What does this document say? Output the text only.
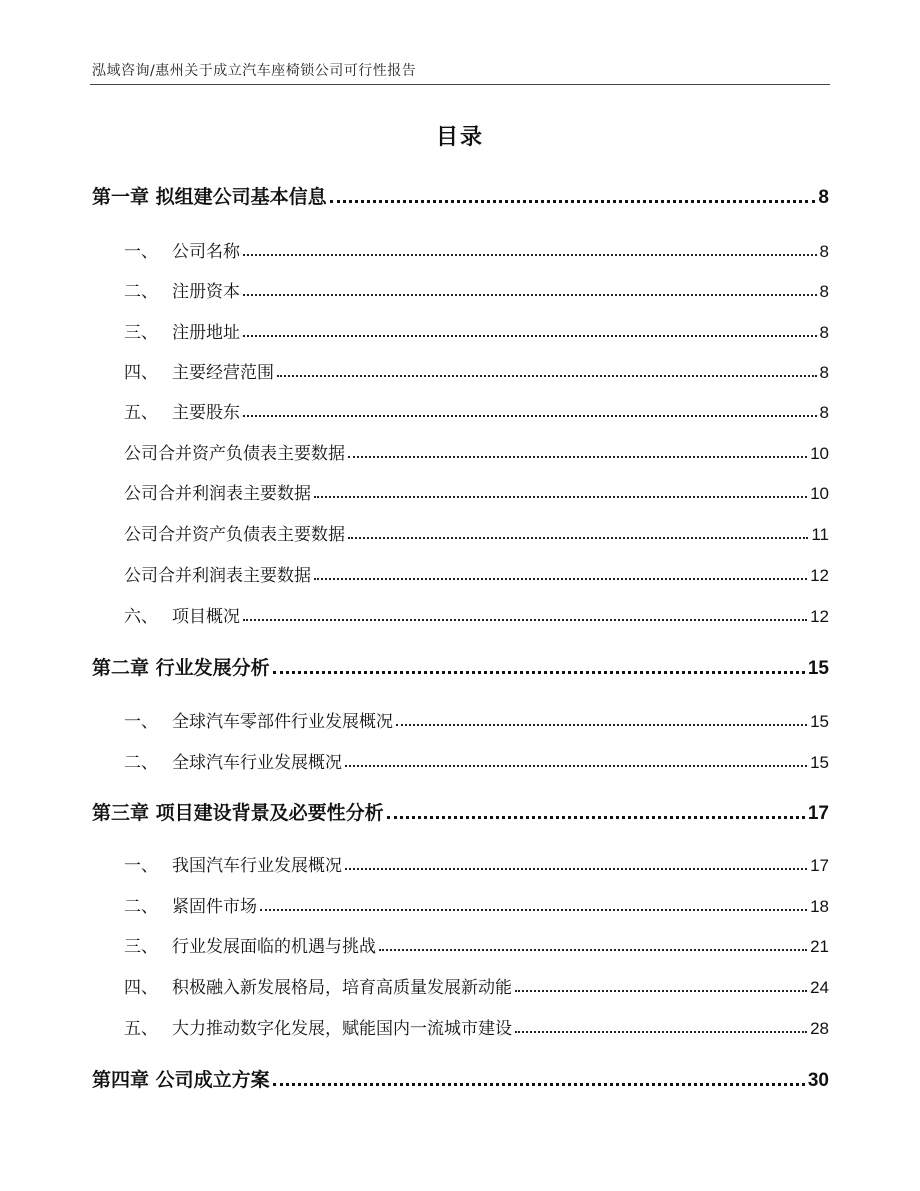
泓域咨询/惠州关于成立汽车座椅锁公司可行性报告
目录
第一章 拟组建公司基本信息	8
一、 公司名称	8
二、 注册资本	8
三、 注册地址	8
四、 主要经营范围	8
五、 主要股东	8
公司合并资产负债表主要数据	10
公司合并利润表主要数据	10
公司合并资产负债表主要数据	11
公司合并利润表主要数据	12
六、 项目概况	12
第二章 行业发展分析	15
一、 全球汽车零部件行业发展概况	15
二、 全球汽车行业发展概况	15
第三章 项目建设背景及必要性分析	17
一、 我国汽车行业发展概况	17
二、 紧固件市场	18
三、 行业发展面临的机遇与挑战	21
四、 积极融入新发展格局，培育高质量发展新动能	24
五、 大力推动数字化发展，赋能国内一流城市建设	28
第四章 公司成立方案	30
